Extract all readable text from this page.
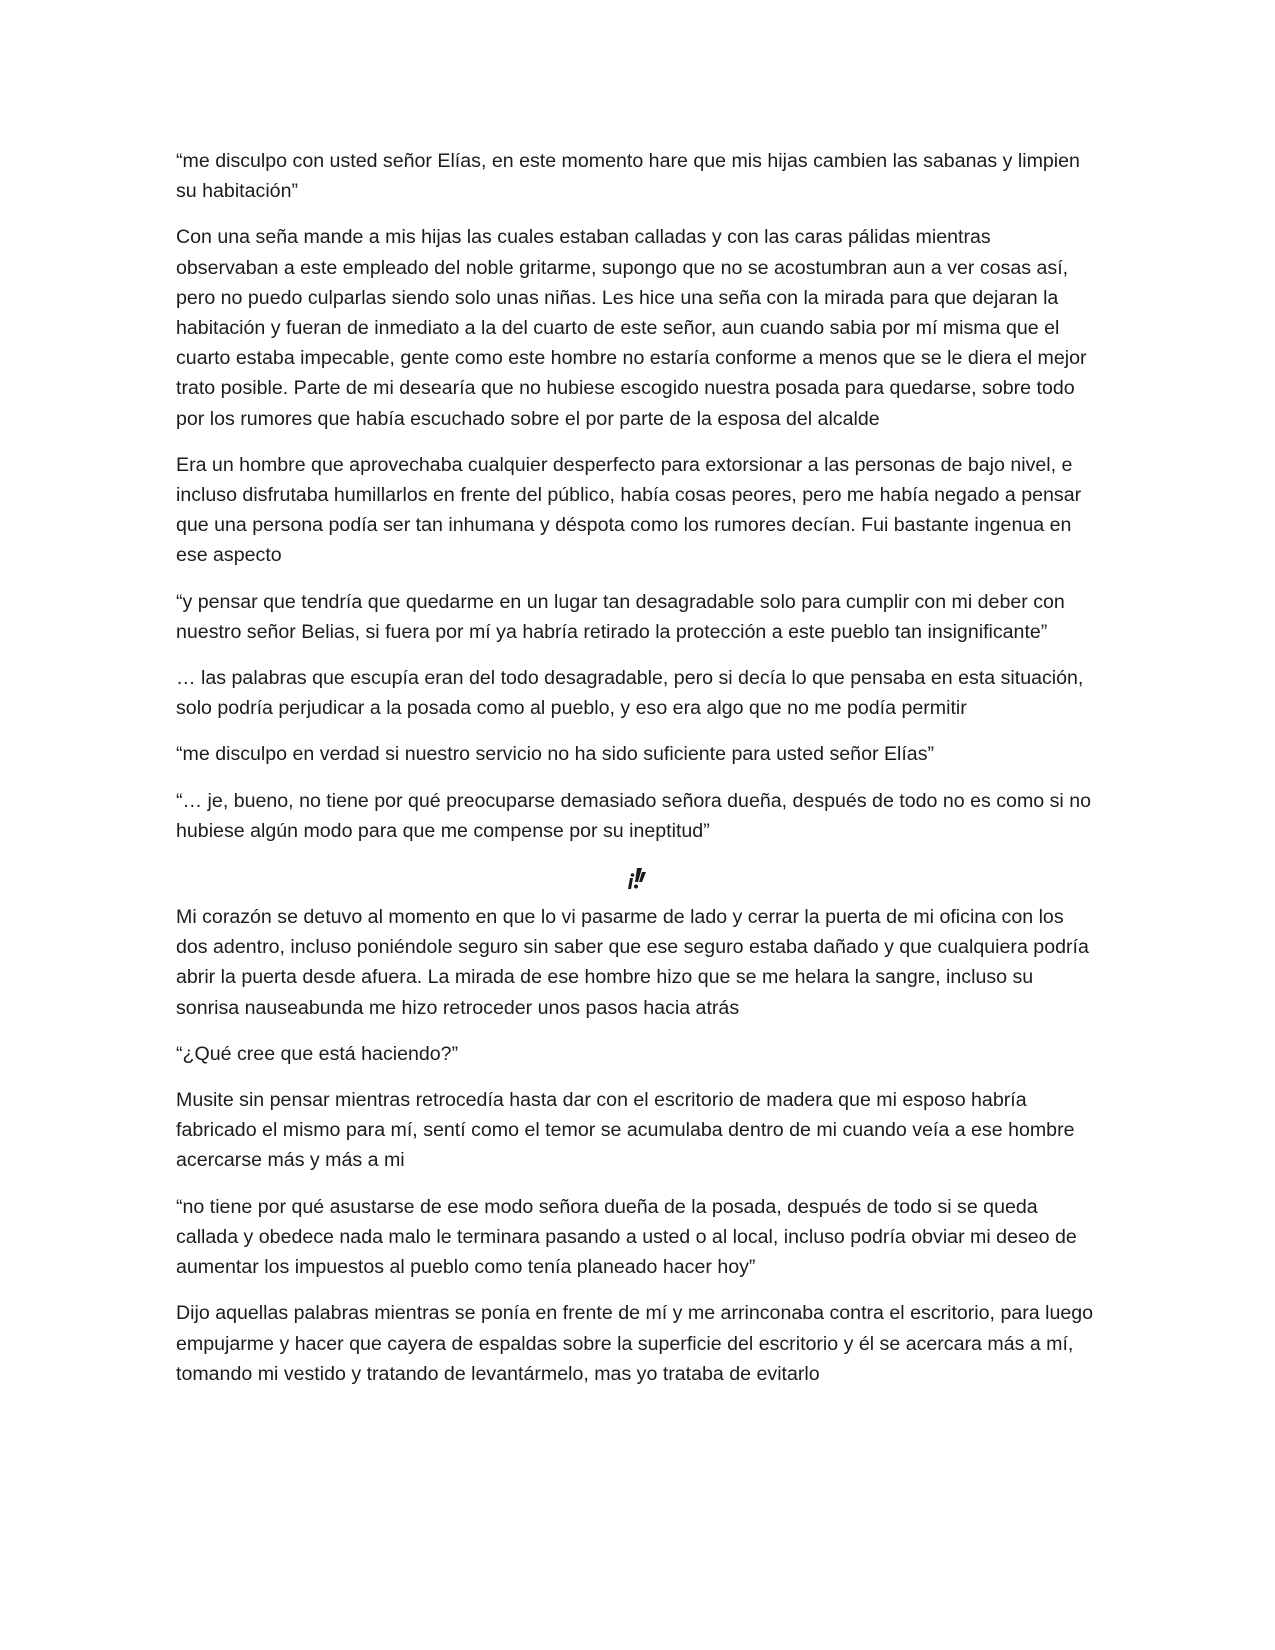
“me disculpo con usted señor Elías, en este momento hare que mis hijas cambien las sabanas y limpien su habitación”

Con una seña mande a mis hijas las cuales estaban calladas y con las caras pálidas mientras observaban a este empleado del noble gritarme, supongo que no se acostumbran aun a ver cosas así, pero no puedo culparlas siendo solo unas niñas. Les hice una seña con la mirada para que dejaran la habitación y fueran de inmediato a la del cuarto de este señor, aun cuando sabia por mí misma que el cuarto estaba impecable, gente como este hombre no estaría conforme a menos que se le diera el mejor trato posible. Parte de mi desearía que no hubiese escogido nuestra posada para quedarse, sobre todo por los rumores que había escuchado sobre el por parte de la esposa del alcalde

Era un hombre que aprovechaba cualquier desperfecto para extorsionar a las personas de bajo nivel, e incluso disfrutaba humillarlos en frente del público, había cosas peores, pero me había negado a pensar que una persona podía ser tan inhumana y déspota como los rumores decían. Fui bastante ingenua en ese aspecto

“y pensar que tendría que quedarme en un lugar tan desagradable solo para cumplir con mi deber con nuestro señor Belias, si fuera por mí ya habría retirado la protección a este pueblo tan insignificante”

… las palabras que escupía eran del todo desagradable, pero si decía lo que pensaba en esta situación, solo podría perjudicar a la posada como al pueblo, y eso era algo que no me podía permitir

“me disculpo en verdad si nuestro servicio no ha sido suficiente para usted señor Elías”

“… je, bueno, no tiene por qué preocuparse demasiado señora dueña, después de todo no es como si no hubiese algún modo para que me compense por su ineptitud”

Mi corazón se detuvo al momento en que lo vi pasarme de lado y cerrar la puerta de mi oficina con los dos adentro, incluso poniéndole seguro sin saber que ese seguro estaba dañado y que cualquiera podría abrir la puerta desde afuera. La mirada de ese hombre hizo que se me helara la sangre, incluso su sonrisa nauseabunda me hizo retroceder unos pasos hacia atrás

“¿Qué cree que está haciendo?”

Musite sin pensar mientras retrocedía hasta dar con el escritorio de madera que mi esposo habría fabricado el mismo para mí, sentí como el temor se acumulaba dentro de mi cuando veía a ese hombre acercarse más y más a mi

“no tiene por qué asustarse de ese modo señora dueña de la posada, después de todo si se queda callada y obedece nada malo le terminara pasando a usted o al local, incluso podría obviar mi deseo de aumentar los impuestos al pueblo como tenía planeado hacer hoy”

Dijo aquellas palabras mientras se ponía en frente de mí y me arrinconaba contra el escritorio, para luego empujarme y hacer que cayera de espaldas sobre la superficie del escritorio y él se acercara más a mí, tomando mi vestido y tratando de levantármelo, mas yo trataba de evitarlo
